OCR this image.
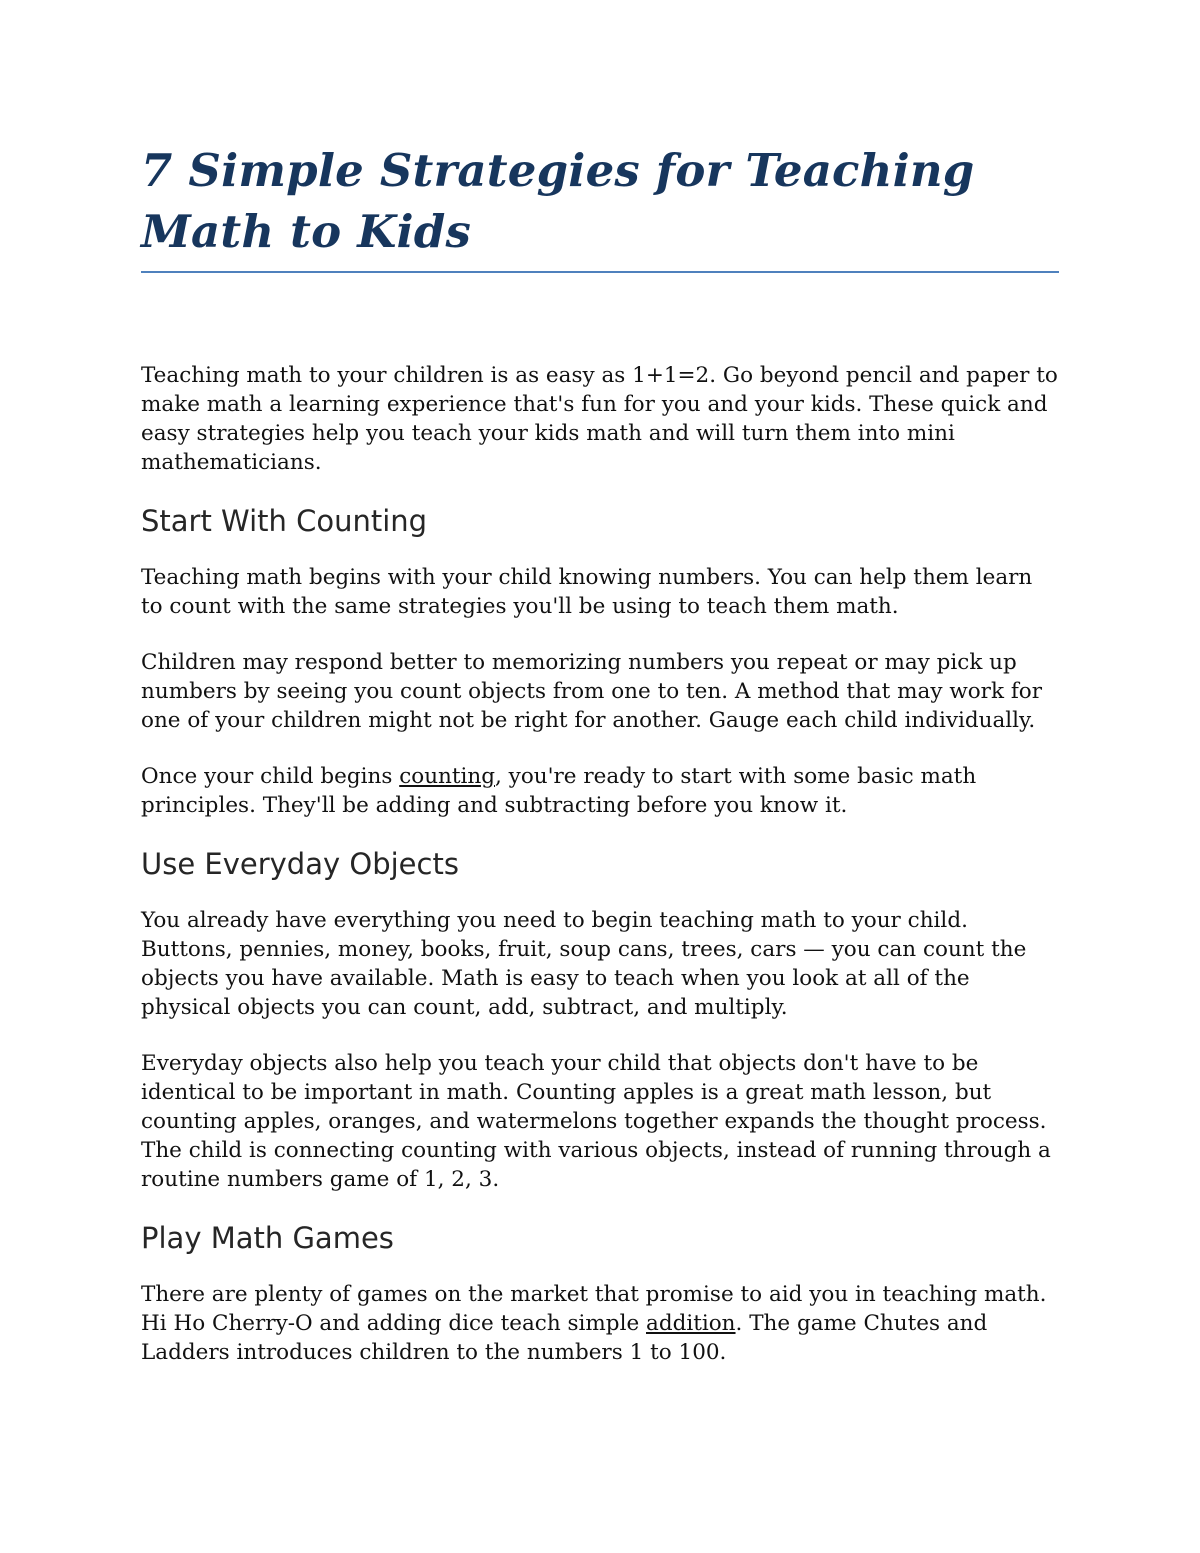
7 Simple Strategies for Teaching Math to Kids

Teaching math to your children is as easy as 1+1=2. Go beyond pencil and paper to make math a learning experience that's fun for you and your kids. These quick and easy strategies help you teach your kids math and will turn them into mini mathematicians.

Start With Counting

Teaching math begins with your child knowing numbers. You can help them learn to count with the same strategies you'll be using to teach them math.

Children may respond better to memorizing numbers you repeat or may pick up numbers by seeing you count objects from one to ten. A method that may work for one of your children might not be right for another. Gauge each child individually.

Once your child begins counting, you're ready to start with some basic math principles. They'll be adding and subtracting before you know it.

Use Everyday Objects

You already have everything you need to begin teaching math to your child. Buttons, pennies, money, books, fruit, soup cans, trees, cars — you can count the objects you have available. Math is easy to teach when you look at all of the physical objects you can count, add, subtract, and multiply.

Everyday objects also help you teach your child that objects don't have to be identical to be important in math. Counting apples is a great math lesson, but counting apples, oranges, and watermelons together expands the thought process. The child is connecting counting with various objects, instead of running through a routine numbers game of 1, 2, 3.

Play Math Games

There are plenty of games on the market that promise to aid you in teaching math. Hi Ho Cherry-O and adding dice teach simple addition. The game Chutes and Ladders introduces children to the numbers 1 to 100.
